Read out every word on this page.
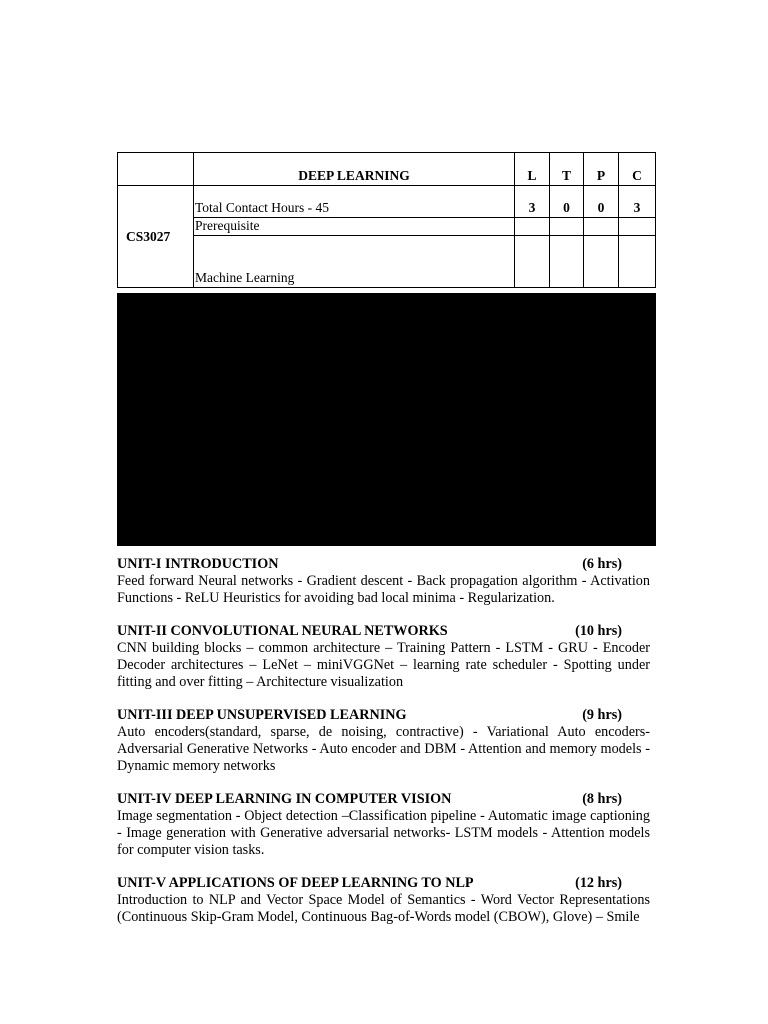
	DEEP LEARNING	L	T	P	C
CS3027	Total Contact Hours - 45	3	0	0	3
	Prerequisite				
	Machine Learning				
UNIT-I INTRODUCTION	(6 hrs)
Feed forward Neural networks - Gradient descent - Back propagation algorithm - Activation Functions - ReLU Heuristics for avoiding bad local minima - Regularization.
UNIT-II CONVOLUTIONAL NEURAL NETWORKS	(10 hrs)
CNN building blocks – common architecture – Training Pattern - LSTM - GRU - Encoder Decoder architectures – LeNet – miniVGGNet – learning rate scheduler - Spotting under fitting and over fitting – Architecture visualization
UNIT-III DEEP UNSUPERVISED LEARNING	(9 hrs)
Auto encoders(standard, sparse, de noising, contractive) - Variational Auto encoders- Adversarial Generative Networks - Auto encoder and DBM - Attention and memory models - Dynamic memory networks
UNIT-IV DEEP LEARNING IN COMPUTER VISION	(8 hrs)
Image segmentation - Object detection –Classification pipeline - Automatic image captioning - Image generation with Generative adversarial networks- LSTM models - Attention models for computer vision tasks.
UNIT-V APPLICATIONS OF DEEP LEARNING TO NLP	(12 hrs)
Introduction to NLP and Vector Space Model of Semantics - Word Vector Representations (Continuous Skip-Gram Model, Continuous Bag-of-Words model (CBOW), Glove) – Smile
